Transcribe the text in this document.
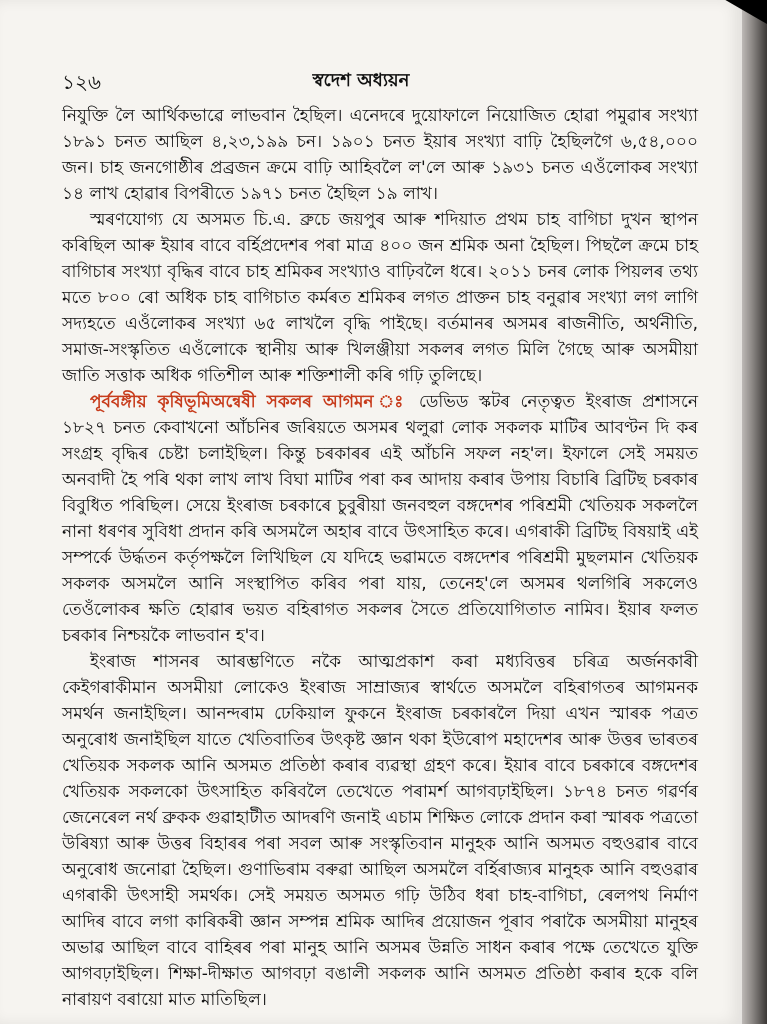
১২৬	স্বদেশ অধ্যয়ন

নিযুক্তি লৈ আৰ্থিকভাৱে লাভবান হৈছিল। এনেদৰে দুয়োফালে নিয়োজিত হোৱা পমুৱাৰ সংখ্যা ১৮৯১ চনত আছিল ৪,২৩,১৯৯ চন। ১৯০১ চনত ইয়াৰ সংখ্যা বাঢ়ি হৈছিলগৈ ৬,৫৪,০০০ জন। চাহ জনগোষ্ঠীৰ প্ৰব্ৰজন ক্ৰমে বাঢ়ি আহিবলৈ ল'লে আৰু ১৯৩১ চনত এওঁলোকৰ সংখ্যা ১৪ লাখ হোৱাৰ বিপৰীতে ১৯৭১ চনত হৈছিল ১৯ লাখ।

স্মৰণযোগ্য যে অসমত চি.এ. ব্ৰুচে জয়পুৰ আৰু শদিয়াত প্ৰথম চাহ বাগিচা দুখন স্থাপন কৰিছিল আৰু ইয়াৰ বাবে বৰ্হিপ্ৰদেশৰ পৰা মাত্ৰ ৪০০ জন শ্ৰমিক অনা হৈছিল। পিছলৈ ক্ৰমে চাহ বাগিচাৰ সংখ্যা বৃদ্ধিৰ বাবে চাহ শ্ৰমিকৰ সংখ্যাও বাঢ়িবলৈ ধৰে। ২০১১ চনৰ লোক পিয়লৰ তথ্য মতে ৮০০ ৰো অধিক চাহ বাগিচাত কৰ্মৰত শ্ৰমিকৰ লগত প্ৰাক্তন চাহ বনুৱাৰ সংখ্যা লগ লাগি সদ্যহতে এওঁলোকৰ সংখ্যা ৬৫ লাখলৈ বৃদ্ধি পাইছে। বৰ্তমানৰ অসমৰ ৰাজনীতি, অৰ্থনীতি, সমাজ-সংস্কৃতিত এওঁলোকে স্থানীয় আৰু খিলঞ্জীয়া সকলৰ লগত মিলি গৈছে আৰু অসমীয়া জাতি সত্তাক অধিক গতিশীল আৰু শক্তিশালী কৰি গঢ়ি তুলিছে।

পূৰ্ববঙ্গীয় কৃষিভূমিঅন্বেষী সকলৰ আগমন ঃ ডেভিড স্কটৰ নেতৃত্বত ইংৰাজ প্ৰশাসনে ১৮২৭ চনত কেবাখনো আঁচনিৰ জৰিয়তে অসমৰ থলুৱা লোক সকলক মাটিৰ আবণ্টন দি কৰ সংগ্ৰহ বৃদ্ধিৰ চেষ্টা চলাইছিল। কিন্তু চৰকাৰৰ এই আঁচনি সফল নহ'ল। ইফালে সেই সময়ত অনবাদী হৈ পৰি থকা লাখ লাখ বিঘা মাটিৰ পৰা কৰ আদায় কৰাৰ উপায় বিচাৰি ব্ৰিটিছ চৰকাৰ বিবুধিত পৰিছিল। সেয়ে ইংৰাজ চৰকাৰে চুবুৰীয়া জনবহুল বঙ্গদেশৰ পৰিশ্ৰমী খেতিয়ক সকললৈ নানা ধৰণৰ সুবিধা প্ৰদান কৰি অসমলৈ অহাৰ বাবে উৎসাহিত কৰে। এগৰাকী ব্ৰিটিছ বিষয়াই এই সম্পৰ্কে উৰ্দ্ধতন কৰ্তৃপক্ষলৈ লিখিছিল যে যদিহে ভৱামতে বঙ্গদেশৰ পৰিশ্ৰমী মুছলমান খেতিয়ক সকলক অসমলৈ আনি সংস্থাপিত কৰিব পৰা যায়, তেনেহ'লে অসমৰ থলগিৰি সকলেও তেওঁলোকৰ ক্ষতি হোৱাৰ ভয়ত বহিৰাগত সকলৰ সৈতে প্ৰতিযোগিতাত নামিব। ইয়াৰ ফলত চৰকাৰ নিশ্চয়কৈ লাভবান হ'ব।

ইংৰাজ শাসনৰ আৰম্ভণিতে নকৈ আত্মপ্ৰকাশ কৰা মধ্যবিত্তৰ চৰিত্ৰ অৰ্জনকাৰী কেইগৰাকীমান অসমীয়া লোকেও ইংৰাজ সাম্ৰাজ্যৰ স্বাৰ্থতে অসমলৈ বহিৰাগতৰ আগমনক সমৰ্থন জনাইছিল। আনন্দৰাম ঢেকিয়াল ফুকনে ইংৰাজ চৰকাৰলৈ দিয়া এখন স্মাৰক পত্ৰত অনুৰোধ জনাইছিল যাতে খেতিবাতিৰ উৎকৃষ্ট জ্ঞান থকা ইউৰোপ মহাদেশৰ আৰু উত্তৰ ভাৰতৰ খেতিয়ক সকলক আনি অসমত প্ৰতিষ্ঠা কৰাৰ ব্যৱস্থা গ্ৰহণ কৰে। ইয়াৰ বাবে চৰকাৰে বঙ্গদেশৰ খেতিয়ক সকলকো উৎসাহিত কৰিবলৈ তেখেতে পৰামৰ্শ আগবঢ়াইছিল। ১৮৭৪ চনত গৱৰ্ণৰ জেনেৰেল নৰ্থ ব্ৰুকক গুৱাহাটীত আদৰণি জনাই এচাম শিক্ষিত লোকে প্ৰদান কৰা স্মাৰক পত্ৰতো উৰিষ্যা আৰু উত্তৰ বিহাৰৰ পৰা সবল আৰু সংস্কৃতিবান মানুহক আনি অসমত বহুওৱাৰ বাবে অনুৰোধ জনোৱা হৈছিল। গুণাভিৰাম বৰুৱা আছিল অসমলৈ বৰ্হিৰাজ্যৰ মানুহক আনি বহুওৱাৰ এগৰাকী উৎসাহী সমৰ্থক। সেই সময়ত অসমত গঢ়ি উঠিব ধৰা চাহ-বাগিচা, ৰেলপথ নিৰ্মাণ আদিৰ বাবে লগা কাৰিকৰী জ্ঞান সম্পন্ন শ্ৰমিক আদিৰ প্ৰয়োজন পূৰাব পৰাকৈ অসমীয়া মানুহৰ অভাৱ আছিল বাবে বাহিৰৰ পৰা মানুহ আনি অসমৰ উন্নতি সাধন কৰাৰ পক্ষে তেখেতে যুক্তি আগবঢ়াইছিল। শিক্ষা-দীক্ষাত আগবঢ়া বঙালী সকলক আনি অসমত প্ৰতিষ্ঠা কৰাৰ হকে বলি নাৰায়ণ বৰায়ো মাত মাতিছিল।
